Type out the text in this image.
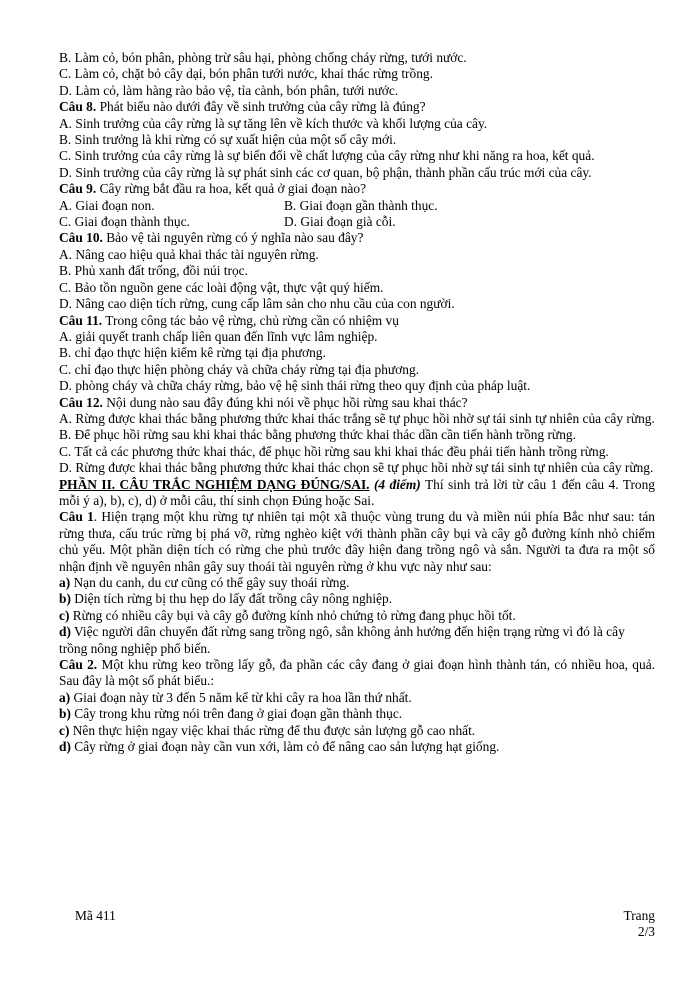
B. Làm cỏ, bón phân, phòng trừ sâu hại, phòng chống cháy rừng, tưới nước.

C. Làm cỏ, chặt bỏ cây dại, bón phân tưới nước, khai thác rừng trồng.

D. Làm cỏ, làm hàng rào bảo vệ, tỉa cành, bón phân, tưới nước.

Câu 8. Phát biểu nào dưới đây về sinh trưởng của cây rừng là đúng?

A. Sinh trưởng của cây rừng là sự tăng lên về kích thước và khối lượng của cây.

B. Sinh trưởng là khi rừng có sự xuất hiện của một số cây mới.

C. Sinh trưởng của cây rừng là sự biến đổi về chất lượng của cây rừng như khi năng ra hoa, kết quả.

D. Sinh trưởng của cây rừng là sự phát sinh các cơ quan, bộ phận, thành phần cấu trúc mới của cây.

Câu 9. Cây rừng bắt đầu ra hoa, kết quả ở giai đoạn nào?

A. Giai đoạn non.	B. Giai đoạn gần thành thục.
C. Giai đoạn thành thục.	D. Giai đoạn già cỗi.

Câu 10. Bảo vệ tài nguyên rừng có ý nghĩa nào sau đây?

A. Nâng cao hiệu quả khai thác tài nguyên rừng.

B. Phủ xanh đất trống, đồi núi trọc.

C. Bảo tồn nguồn gene các loài động vật, thực vật quý hiếm.

D. Nâng cao diện tích rừng, cung cấp lâm sản cho nhu cầu của con người.

Câu 11. Trong công tác bảo vệ rừng, chủ rừng cần có nhiệm vụ

A. giải quyết tranh chấp liên quan đến lĩnh vực lâm nghiệp.

B. chỉ đạo thực hiện kiểm kê rừng tại địa phương.

C. chỉ đạo thực hiện phòng cháy và chữa cháy rừng tại địa phương.

D. phòng cháy và chữa cháy rừng, bảo vệ hệ sinh thái rừng theo quy định của pháp luật.

Câu 12. Nội dung nào sau đây đúng khi nói về phục hồi rừng sau khai thác?

A. Rừng được khai thác bằng phương thức khai thác trắng sẽ tự phục hồi nhờ sự tái sinh tự nhiên của cây rừng.

B. Để phục hồi rừng sau khi khai thác bằng phương thức khai thác dần cần tiến hành trồng rừng.

C. Tất cả các phương thức khai thác, để phục hồi rừng sau khi khai thác đều phải tiến hành trồng rừng.

D. Rừng được khai thác bằng phương thức khai thác chọn sẽ tự phục hồi nhờ sự tái sinh tự nhiên của cây rừng.

PHẦN II. CÂU TRẮC NGHIỆM DẠNG ĐÚNG/SAI. (4 điểm) Thí sinh trả lời từ câu 1 đến câu 4. Trong mỗi ý a), b), c), d) ở mỗi câu, thí sinh chọn Đúng hoặc Sai.

Câu 1. Hiện trạng một khu rừng tự nhiên tại một xã thuộc vùng trung du và miền núi phía Bắc như sau: tán rừng thưa, cấu trúc rừng bị phá vỡ, rừng nghèo kiệt với thành phần cây bụi và cây gỗ đường kính nhỏ chiếm chủ yếu. Một phần diện tích có rừng che phủ trước đây hiện đang trồng ngô và sắn. Người ta đưa ra một số nhận định về nguyên nhân gây suy thoái tài nguyên rừng ở khu vực này như sau:

a) Nạn du canh, du cư cũng có thể gây suy thoái rừng.

b) Diện tích rừng bị thu hẹp do lấy đất trồng cây nông nghiệp.

c) Rừng có nhiều cây bụi và cây gỗ đường kính nhỏ chứng tỏ rừng đang phục hồi tốt.

d) Việc người dân chuyển đất rừng sang trồng ngô, sắn không ảnh hưởng đến hiện trạng rừng vì đó là cây trồng nông nghiệp phổ biến.

Câu 2. Một khu rừng keo trồng lấy gỗ, đa phần các cây đang ở giai đoạn hình thành tán, có nhiều hoa, quả. Sau đây là một số phát biểu.:

a) Giai đoạn này từ 3 đến 5 năm kể từ khi cây ra hoa lần thứ nhất.

b) Cây trong khu rừng nói trên đang ở giai đoạn gần thành thục.

c) Nên thực hiện ngay việc khai thác rừng để thu được sản lượng gỗ cao nhất.

d) Cây rừng ở giai đoạn này cần vun xới, làm cỏ để nâng cao sản lượng hạt giống.

Mã 411	Trang
2/3
